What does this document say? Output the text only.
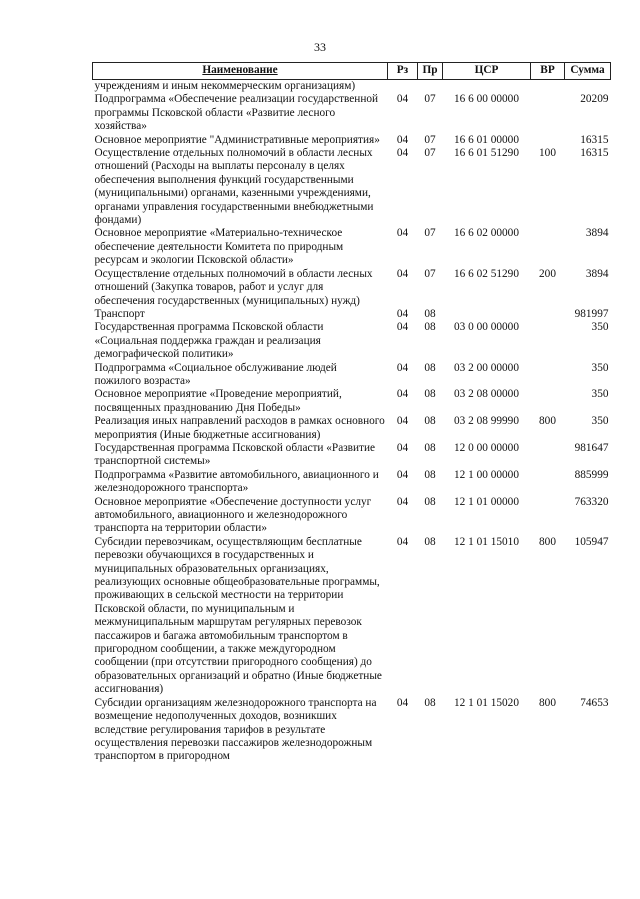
33
Наименование	Рз	Пр	ЦСР	ВР	Сумма
учреждениям и иным некоммерческим организациям)					
Подпрограмма «Обеспечение реализации государственной программы Псковской области «Развитие лесного хозяйства»	04	07	16 6 00 00000		20209
Основное мероприятие "Административные мероприятия»	04	07	16 6 01 00000		16315
Осуществление отдельных полномочий в области лесных отношений (Расходы на выплаты персоналу в целях обеспечения выполнения функций государственными (муниципальными) органами, казенными учреждениями, органами управления государственными внебюджетными фондами)	04	07	16 6 01 51290	100	16315
Основное мероприятие «Материально-техническое обеспечение деятельности Комитета по природным ресурсам и экологии Псковской области»	04	07	16 6 02 00000		3894
Осуществление отдельных полномочий в области лесных отношений (Закупка товаров, работ и услуг для обеспечения государственных (муниципальных) нужд)	04	07	16 6 02 51290	200	3894
Транспорт	04	08			981997
Государственная программа Псковской области «Социальная поддержка граждан и реализация демографической политики»	04	08	03 0 00 00000		350
Подпрограмма «Социальное обслуживание людей пожилого возраста»	04	08	03 2 00 00000		350
Основное мероприятие «Проведение мероприятий, посвященных празднованию Дня Победы»	04	08	03 2 08 00000		350
Реализация иных направлений расходов в рамках основного мероприятия (Иные бюджетные ассигнования)	04	08	03 2 08 99990	800	350
Государственная программа Псковской области «Развитие транспортной системы»	04	08	12 0 00 00000		981647
Подпрограмма «Развитие автомобильного, авиационного и железнодорожного транспорта»	04	08	12 1 00 00000		885999
Основное мероприятие «Обеспечение доступности услуг автомобильного, авиационного и железнодорожного транспорта на территории области»	04	08	12 1 01 00000		763320
Субсидии перевозчикам, осуществляющим бесплатные перевозки обучающихся в государственных и муниципальных образовательных организациях, реализующих основные общеобразовательные программы, проживающих в сельской местности на территории Псковской области, по муниципальным и межмуниципальным маршрутам регулярных перевозок пассажиров и багажа автомобильным транспортом в пригородном сообщении, а также междугородном сообщении (при отсутствии пригородного сообщения) до образовательных организаций и обратно (Иные бюджетные ассигнования)	04	08	12 1 01 15010	800	105947
Субсидии организациям железнодорожного транспорта на возмещение недополученных доходов, возникших вследствие регулирования тарифов в результате осуществления перевозки пассажиров железнодорожным транспортом в пригородном	04	08	12 1 01 15020	800	74653
